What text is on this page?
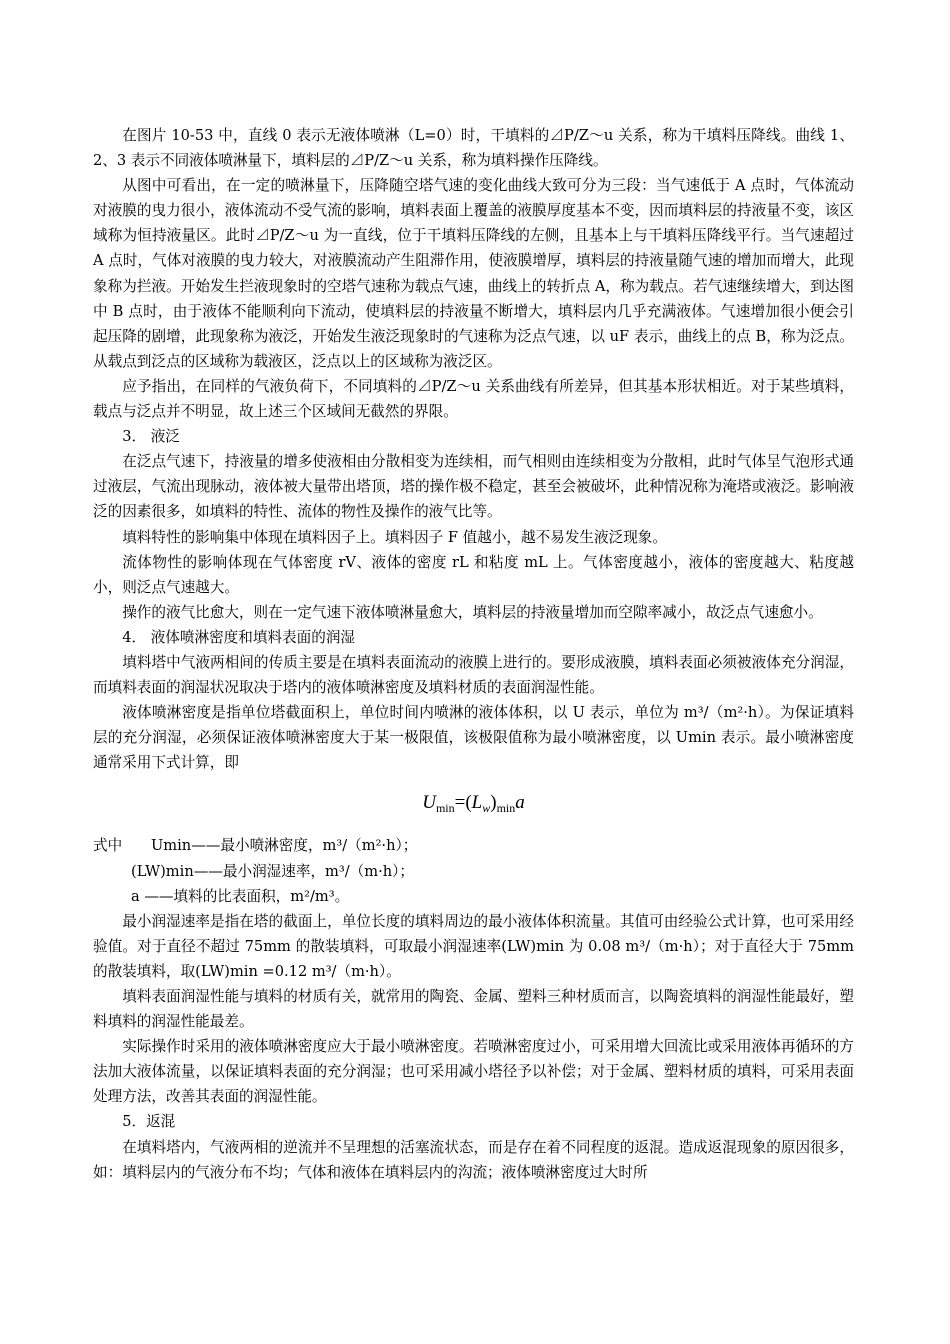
在图片 10-53 中，直线 0 表示无液体喷淋（L=0）时，干填料的⊿P/Z～u 关系，称为干填料压降线。曲线 1、2、3 表示不同液体喷淋量下，填料层的⊿P/Z～u 关系，称为填料操作压降线。

从图中可看出，在一定的喷淋量下，压降随空塔气速的变化曲线大致可分为三段：当气速低于 A 点时，气体流动对液膜的曳力很小，液体流动不受气流的影响，填料表面上覆盖的液膜厚度基本不变，因而填料层的持液量不变，该区域称为恒持液量区。此时⊿P/Z～u 为一直线，位于干填料压降线的左侧，且基本上与干填料压降线平行。当气速超过 A 点时，气体对液膜的曳力较大，对液膜流动产生阻滞作用，使液膜增厚，填料层的持液量随气速的增加而增大，此现象称为拦液。开始发生拦液现象时的空塔气速称为载点气速，曲线上的转折点 A，称为载点。若气速继续增大，到达图中 B 点时，由于液体不能顺利向下流动，使填料层的持液量不断增大，填料层内几乎充满液体。气速增加很小便会引起压降的剧增，此现象称为液泛，开始发生液泛现象时的气速称为泛点气速，以 uF 表示，曲线上的点 B，称为泛点。从载点到泛点的区域称为载液区，泛点以上的区域称为液泛区。

应予指出，在同样的气液负荷下，不同填料的⊿P/Z～u 关系曲线有所差异，但其基本形状相近。对于某些填料，载点与泛点并不明显，故上述三个区域间无截然的界限。

3． 液泛

在泛点气速下，持液量的增多使液相由分散相变为连续相，而气相则由连续相变为分散相，此时气体呈气泡形式通过液层，气流出现脉动，液体被大量带出塔顶，塔的操作极不稳定，甚至会被破坏，此种情况称为淹塔或液泛。影响液泛的因素很多，如填料的特性、流体的物性及操作的液气比等。

填料特性的影响集中体现在填料因子上。填料因子 F 值越小，越不易发生液泛现象。

流体物性的影响体现在气体密度 rV、液体的密度 rL 和粘度 mL 上。气体密度越小，液体的密度越大、粘度越小，则泛点气速越大。

操作的液气比愈大，则在一定气速下液体喷淋量愈大，填料层的持液量增加而空隙率减小，故泛点气速愈小。

4． 液体喷淋密度和填料表面的润湿

填料塔中气液两相间的传质主要是在填料表面流动的液膜上进行的。要形成液膜，填料表面必须被液体充分润湿，而填料表面的润湿状况取决于塔内的液体喷淋密度及填料材质的表面润湿性能。

液体喷淋密度是指单位塔截面积上，单位时间内喷淋的液体体积，以 U 表示，单位为 m³/（m²·h）。为保证填料层的充分润湿，必须保证液体喷淋密度大于某一极限值，该极限值称为最小喷淋密度，以 Umin 表示。最小喷淋密度通常采用下式计算，即

$U_{min}=(L_w)_{min}a$
式中 Umin——最小喷淋密度，m³/（m²·h）；
(LW)min——最小润湿速率，m³/（m·h）；
a ——填料的比表面积，m²/m³。

最小润湿速率是指在塔的截面上，单位长度的填料周边的最小液体体积流量。其值可由经验公式计算，也可采用经验值。对于直径不超过 75mm 的散装填料，可取最小润湿速率(LW)min 为 0.08 m³/（m·h）；对于直径大于 75mm 的散装填料，取(LW)min =0.12 m³/（m·h）。

填料表面润湿性能与填料的材质有关，就常用的陶瓷、金属、塑料三种材质而言，以陶瓷填料的润湿性能最好，塑料填料的润湿性能最差。

实际操作时采用的液体喷淋密度应大于最小喷淋密度。若喷淋密度过小，可采用增大回流比或采用液体再循环的方法加大液体流量，以保证填料表面的充分润湿；也可采用减小塔径予以补偿；对于金属、塑料材质的填料，可采用表面处理方法，改善其表面的润湿性能。

5．返混

在填料塔内，气液两相的逆流并不呈理想的活塞流状态，而是存在着不同程度的返混。造成返混现象的原因很多，如：填料层内的气液分布不均；气体和液体在填料层内的沟流；液体喷淋密度过大时所
